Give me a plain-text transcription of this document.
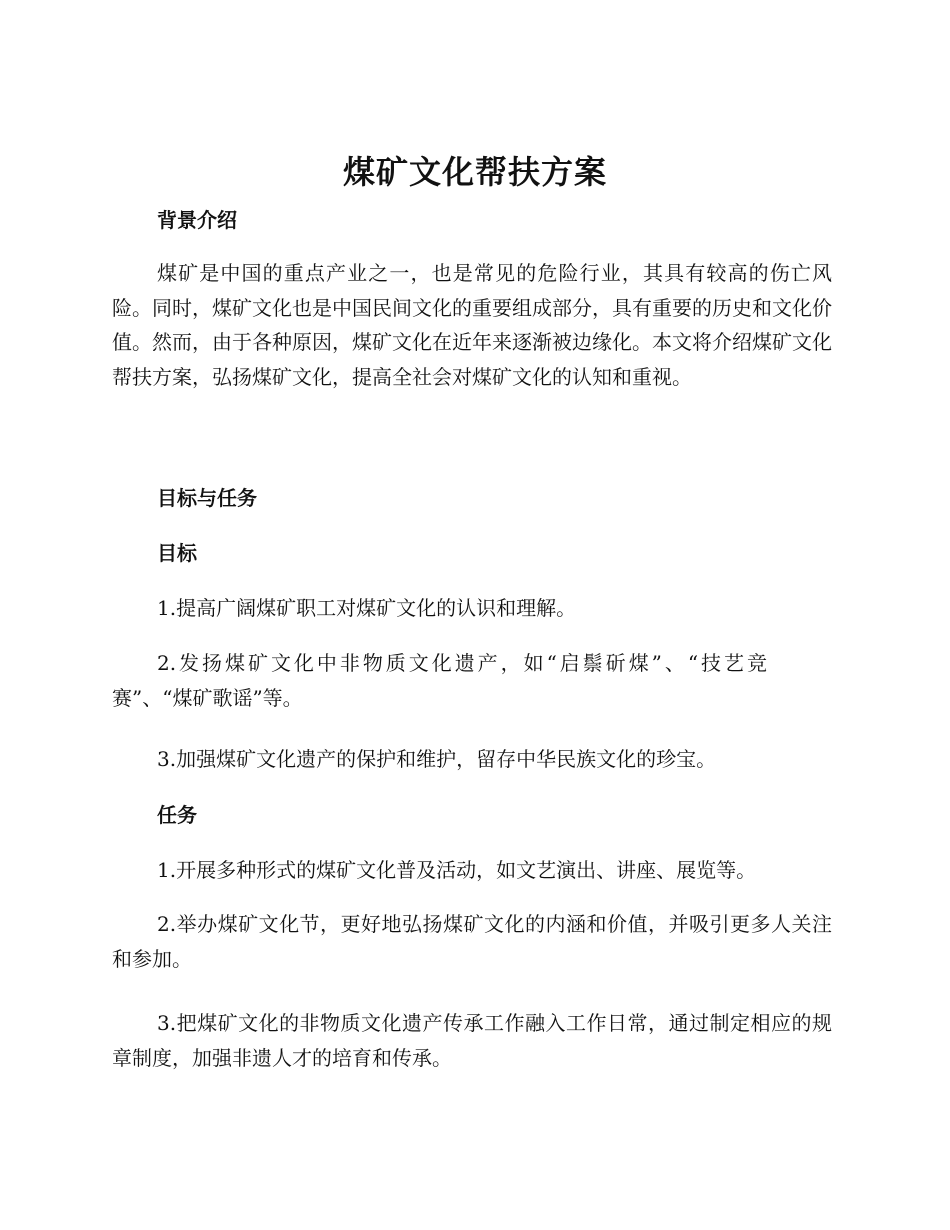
煤矿文化帮扶方案
背景介绍

煤矿是中国的重点产业之一，也是常见的危险行业，其具有较高的伤亡风险。同时，煤矿文化也是中国民间文化的重要组成部分，具有重要的历史和文化价值。然而，由于各种原因，煤矿文化在近年来逐渐被边缘化。本文将介绍煤矿文化帮扶方案，弘扬煤矿文化，提高全社会对煤矿文化的认知和重视。

目标与任务
目标

1.提高广阔煤矿职工对煤矿文化的认识和理解。

2.发扬煤矿文化中非物质文化遗产，如“启鬃斫煤”、“技艺竞赛”、“煤矿歌谣”等。

3.加强煤矿文化遗产的保护和维护，留存中华民族文化的珍宝。

任务

1.开展多种形式的煤矿文化普及活动，如文艺演出、讲座、展览等。

2.举办煤矿文化节，更好地弘扬煤矿文化的内涵和价值，并吸引更多人关注和参加。

3.把煤矿文化的非物质文化遗产传承工作融入工作日常，通过制定相应的规章制度，加强非遗人才的培育和传承。
